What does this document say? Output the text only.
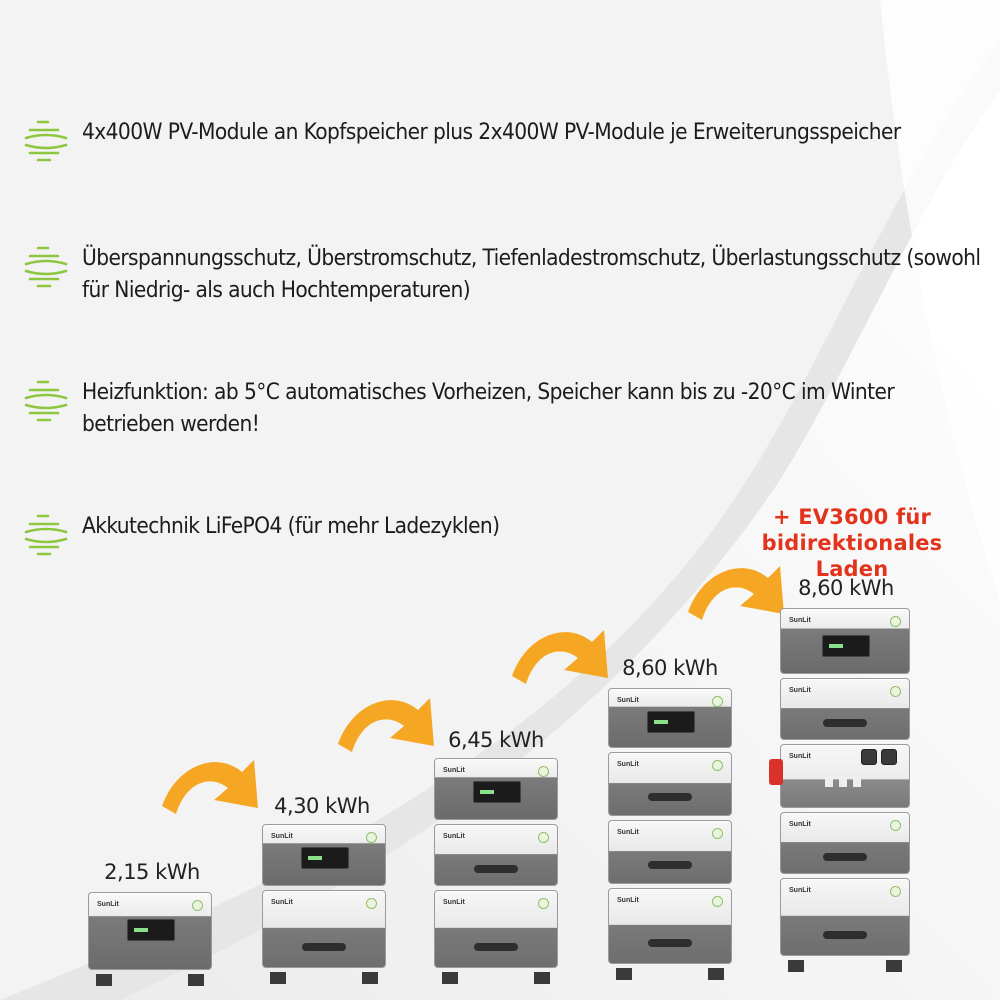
4x400W PV-Module an Kopfspeicher plus 2x400W PV-Module je Erweiterungsspeicher
Überspannungsschutz, Überstromschutz, Tiefenladestromschutz, Überlastungsschutz (sowohl für Niedrig- als auch Hochtemperaturen)
Heizfunktion: ab 5°C automatisches Vorheizen, Speicher kann bis zu -20°C im Winter betrieben werden!
Akkutechnik LiFePO4 (für mehr Ladezyklen)	+ EV3600 für
bidirektionales Laden
2,15 kWh
4,30 kWh
6,45 kWh
8,60 kWh
8,60 kWh
SunLit
SunLit
SunLit
SunLit
SunLit
SunLit
SunLit
SunLit
SunLit
SunLit
SunLit
SunLit
SunLit
SunLit
SunLit
